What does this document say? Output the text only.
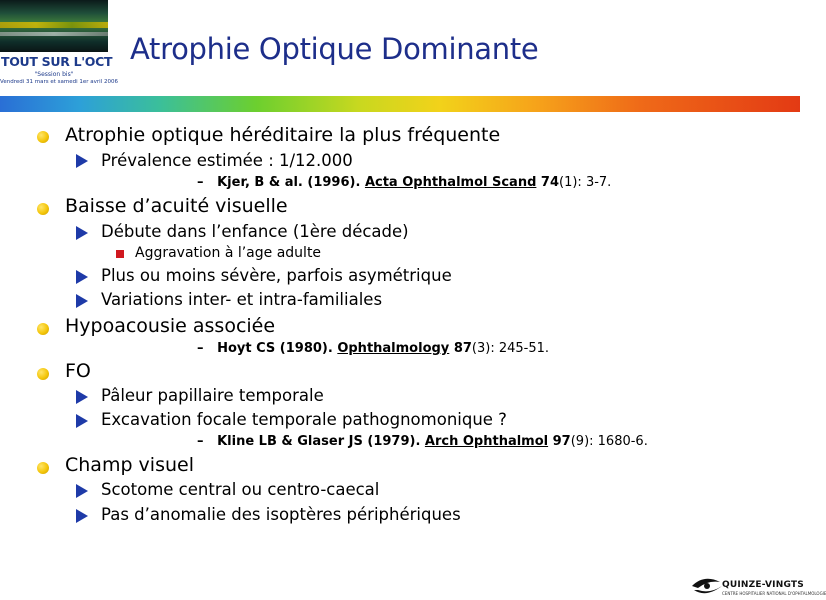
TOUT SUR L'OCT
"Session bis"
Vendredi 31 mars et samedi 1er avril 2006
Atrophie Optique Dominante
Atrophie optique héréditaire la plus fréquente
Prévalence estimée : 1/12.000
– Kjer, B & al. (1996). Acta Ophthalmol Scand 74(1): 3-7.
Baisse d’acuité visuelle
Débute dans l’enfance (1ère décade)
Aggravation à l’age adulte
Plus ou moins sévère, parfois asymétrique
Variations inter- et intra-familiales
Hypoacousie associée
– Hoyt CS (1980). Ophthalmology 87(3): 245-51.
FO
Pâleur papillaire temporale
Excavation focale temporale pathognomonique ?
– Kline LB & Glaser JS (1979). Arch Ophthalmol 97(9): 1680-6.
Champ visuel
Scotome central ou centro-caecal
Pas d’anomalie des isoptères périphériques
QUINZE-VINGTS
CENTRE HOSPITALIER NATIONAL D'OPHTALMOLOGIE
